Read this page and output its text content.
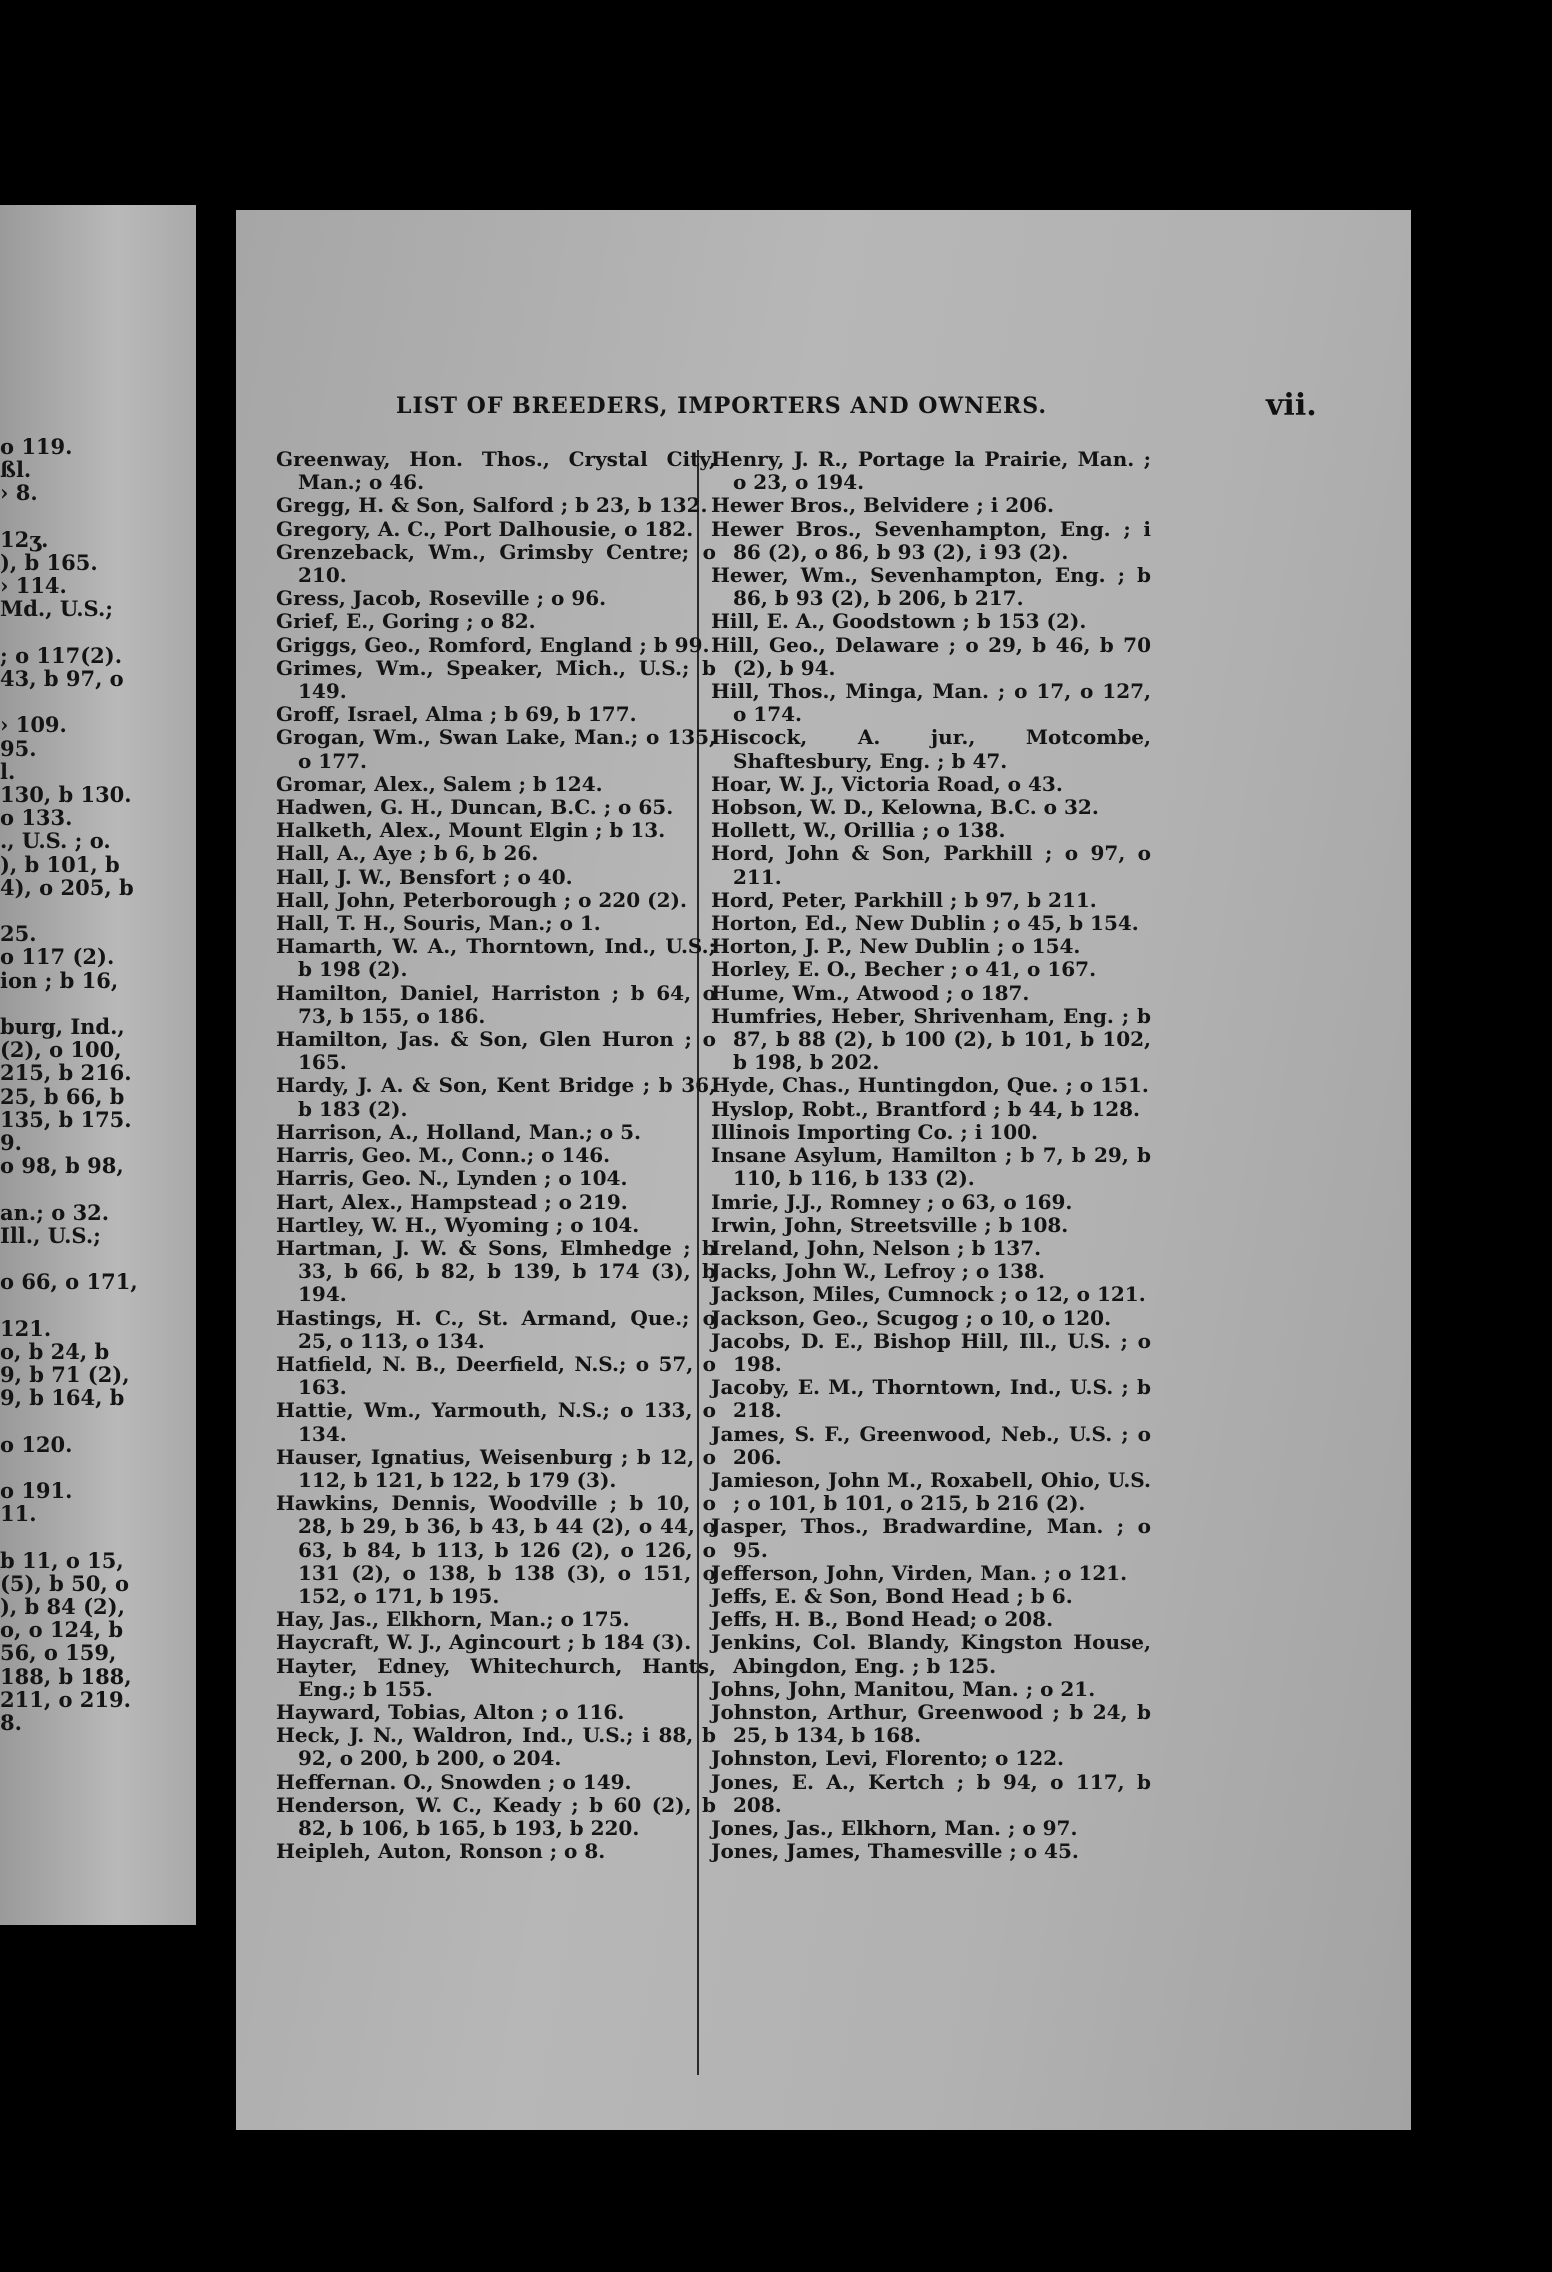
o 119.
ßl.
› 8.
12ʒ.
), b 165.
› 114.
Md., U.S.;
; o 117(2).
43, b 97, o
› 109.
95.
l.
130, b 130.
o 133.
., U.S. ; o.
), b 101, b
4), o 205, b
25.
o 117 (2).
ion ; b 16,
burg, Ind.,
(2), o 100,
215, b 216.
25, b 66, b
135, b 175.
9.
o 98, b 98,
an.; o 32.
Ill., U.S.;
o 66, o 171,
121.
o, b 24, b
9, b 71 (2),
9, b 164, b
o 120.
o 191.
11.
b 11, o 15,
(5), b 50, o
), b 84 (2),
o, o 124, b
56, o 159,
188, b 188,
211, o 219.
8.
LIST OF BREEDERS, IMPORTERS AND OWNERS.	vii.
Greenway, Hon. Thos., Crystal City, Man.; o 46.
Gregg, H. & Son, Salford ; b 23, b 132.
Gregory, A. C., Port Dalhousie, o 182.
Grenzeback, Wm., Grimsby Centre; o 210.
Gress, Jacob, Roseville ; o 96.
Grief, E., Goring ; o 82.
Griggs, Geo., Romford, England ; b 99.
Grimes, Wm., Speaker, Mich., U.S.; b 149.
Groff, Israel, Alma ; b 69, b 177.
Grogan, Wm., Swan Lake, Man.; o 135, o 177.
Gromar, Alex., Salem ; b 124.
Hadwen, G. H., Duncan, B.C. ; o 65.
Halketh, Alex., Mount Elgin ; b 13.
Hall, A., Aye ; b 6, b 26.
Hall, J. W., Bensfort ; o 40.
Hall, John, Peterborough ; o 220 (2).
Hall, T. H., Souris, Man.; o 1.
Hamarth, W. A., Thorntown, Ind., U.S.; b 198 (2).
Hamilton, Daniel, Harriston ; b 64, o 73, b 155, o 186.
Hamilton, Jas. & Son, Glen Huron ; o 165.
Hardy, J. A. & Son, Kent Bridge ; b 36, b 183 (2).
Harrison, A., Holland, Man.; o 5.
Harris, Geo. M., Conn.; o 146.
Harris, Geo. N., Lynden ; o 104.
Hart, Alex., Hampstead ; o 219.
Hartley, W. H., Wyoming ; o 104.
Hartman, J. W. & Sons, Elmhedge ; b 33, b 66, b 82, b 139, b 174 (3), b 194.
Hastings, H. C., St. Armand, Que.; o 25, o 113, o 134.
Hatfield, N. B., Deerfield, N.S.; o 57, o 163.
Hattie, Wm., Yarmouth, N.S.; o 133, o 134.
Hauser, Ignatius, Weisenburg ; b 12, o 112, b 121, b 122, b 179 (3).
Hawkins, Dennis, Woodville ; b 10, o 28, b 29, b 36, b 43, b 44 (2), o 44, o 63, b 84, b 113, b 126 (2), o 126, o 131 (2), o 138, b 138 (3), o 151, o 152, o 171, b 195.
Hay, Jas., Elkhorn, Man.; o 175.
Haycraft, W. J., Agincourt ; b 184 (3).
Hayter, Edney, Whitechurch, Hants, Eng.; b 155.
Hayward, Tobias, Alton ; o 116.
Heck, J. N., Waldron, Ind., U.S.; i 88, b 92, o 200, b 200, o 204.
Heffernan. O., Snowden ; o 149.
Henderson, W. C., Keady ; b 60 (2), b 82, b 106, b 165, b 193, b 220.
Heipleh, Auton, Ronson ; o 8.
Henry, J. R., Portage la Prairie, Man. ; o 23, o 194.
Hewer Bros., Belvidere ; i 206.
Hewer Bros., Sevenhampton, Eng. ; i 86 (2), o 86, b 93 (2), i 93 (2).
Hewer, Wm., Sevenhampton, Eng. ; b 86, b 93 (2), b 206, b 217.
Hill, E. A., Goodstown ; b 153 (2).
Hill, Geo., Delaware ; o 29, b 46, b 70 (2), b 94.
Hill, Thos., Minga, Man. ; o 17, o 127, o 174.
Hiscock, A. jur., Motcombe, Shaftesbury, Eng. ; b 47.
Hoar, W. J., Victoria Road, o 43.
Hobson, W. D., Kelowna, B.C. o 32.
Hollett, W., Orillia ; o 138.
Hord, John & Son, Parkhill ; o 97, o 211.
Hord, Peter, Parkhill ; b 97, b 211.
Horton, Ed., New Dublin ; o 45, b 154.
Horton, J. P., New Dublin ; o 154.
Horley, E. O., Becher ; o 41, o 167.
Hume, Wm., Atwood ; o 187.
Humfries, Heber, Shrivenham, Eng. ; b 87, b 88 (2), b 100 (2), b 101, b 102, b 198, b 202.
Hyde, Chas., Huntingdon, Que. ; o 151.
Hyslop, Robt., Brantford ; b 44, b 128.
Illinois Importing Co. ; i 100.
Insane Asylum, Hamilton ; b 7, b 29, b 110, b 116, b 133 (2).
Imrie, J.J., Romney ; o 63, o 169.
Irwin, John, Streetsville ; b 108.
Ireland, John, Nelson ; b 137.
Jacks, John W., Lefroy ; o 138.
Jackson, Miles, Cumnock ; o 12, o 121.
Jackson, Geo., Scugog ; o 10, o 120.
Jacobs, D. E., Bishop Hill, Ill., U.S. ; o 198.
Jacoby, E. M., Thorntown, Ind., U.S. ; b 218.
James, S. F., Greenwood, Neb., U.S. ; o 206.
Jamieson, John M., Roxabell, Ohio, U.S. ; o 101, b 101, o 215, b 216 (2).
Jasper, Thos., Bradwardine, Man. ; o 95.
Jefferson, John, Virden, Man. ; o 121.
Jeffs, E. & Son, Bond Head ; b 6.
Jeffs, H. B., Bond Head; o 208.
Jenkins, Col. Blandy, Kingston House, Abingdon, Eng. ; b 125.
Johns, John, Manitou, Man. ; o 21.
Johnston, Arthur, Greenwood ; b 24, b 25, b 134, b 168.
Johnston, Levi, Florento; o 122.
Jones, E. A., Kertch ; b 94, o 117, b 208.
Jones, Jas., Elkhorn, Man. ; o 97.
Jones, James, Thamesville ; o 45.
